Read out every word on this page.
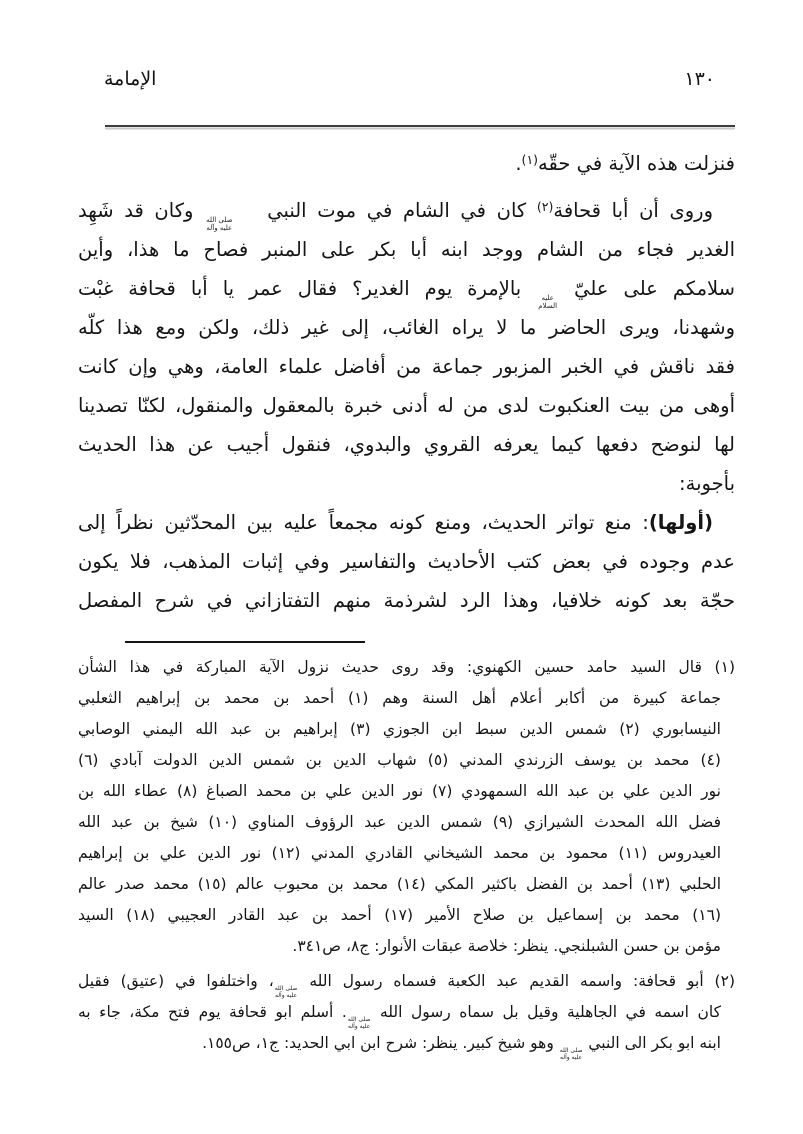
الإمامة	١٣٠
فنزلت هذه الآية في حقّه$^{(١)}$.
وروى أن أبا قحافة$^{(٢)}$ كان في الشام في موت النبي
صلى الله
عليه وآله
وكان قد شَهِد
الغدير فجاء من الشام ووجد ابنه أبا بكر على المنبر فصاح ما هذا، وأين
سلامكم على عليّ
عليه
السلام
بالإمرة يوم الغدير؟ فقال عمر يا أبا قحافة غبْت
وشهدنا، ويرى الحاضر ما لا يراه الغائب، إلى غير ذلك، ولكن ومع هذا كلّه
فقد ناقش في الخبر المزبور جماعة من أفاضل علماء العامة، وهي وإن كانت
أوهى من بيت العنكبوت لدى من له أدنى خبرة بالمعقول والمنقول، لكنّا تصدينا
لها لنوضح دفعها كيما يعرفه القروي والبدوي، فنقول أجيب عن هذا الحديث
بأجوبة:
(أولها): منع تواتر الحديث، ومنع كونه مجمعاً عليه بين المحدّثين نظراً إلى
عدم وجوده في بعض كتب الأحاديث والتفاسير وفي إثبات المذهب، فلا يكون
حجّة بعد كونه خلافيا، وهذا الرد لشرذمة منهم التفتازاني في شرح المفصل
(١) قال السيد حامد حسين الكهنوي: وقد روى حديث نزول الآية المباركة في هذا الشأن
جماعة كبيرة من أكابر أعلام أهل السنة وهم (١) أحمد بن محمد بن إبراهيم الثعلبي
النيسابوري (٢) شمس الدين سبط ابن الجوزي (٣) إبراهيم بن عبد الله اليمني الوصابي
(٤) محمد بن يوسف الزرندي المدني (٥) شهاب الدين بن شمس الدين الدولت آبادي (٦)
نور الدين علي بن عبد الله السمهودي (٧) نور الدين علي بن محمد الصباغ (٨) عطاء الله بن
فضل الله المحدث الشيرازي (٩) شمس الدين عبد الرؤوف المناوي (١٠) شيخ بن عبد الله
العيدروس (١١) محمود بن محمد الشيخاني القادري المدني (١٢) نور الدين علي بن إبراهيم
الحلبي (١٣) أحمد بن الفضل باكثير المكي (١٤) محمد بن محبوب عالم (١٥) محمد صدر عالم
(١٦) محمد بن إسماعيل بن صلاح الأمير (١٧) أحمد بن عبد القادر العجيبي (١٨) السيد
مؤمن بن حسن الشبلنجي. ينظر: خلاصة عبقات الأنوار: ج٨، ص٣٤١.
(٢) أبو قحافة: واسمه القديم عبد الكعبة فسماه رسول الله
صلى الله
عليه وآله
، واختلفوا في (عتيق) فقيل
كان اسمه في الجاهلية وقيل بل سماه رسول الله
صلى الله
عليه وآله
. أسلم ابو قحافة يوم فتح مكة، جاء به
ابنه ابو بكر الى النبي
صلى الله
عليه وآله
وهو شيخ كبير. ينظر: شرح ابن ابي الحديد: ج١، ص١٥٥.
